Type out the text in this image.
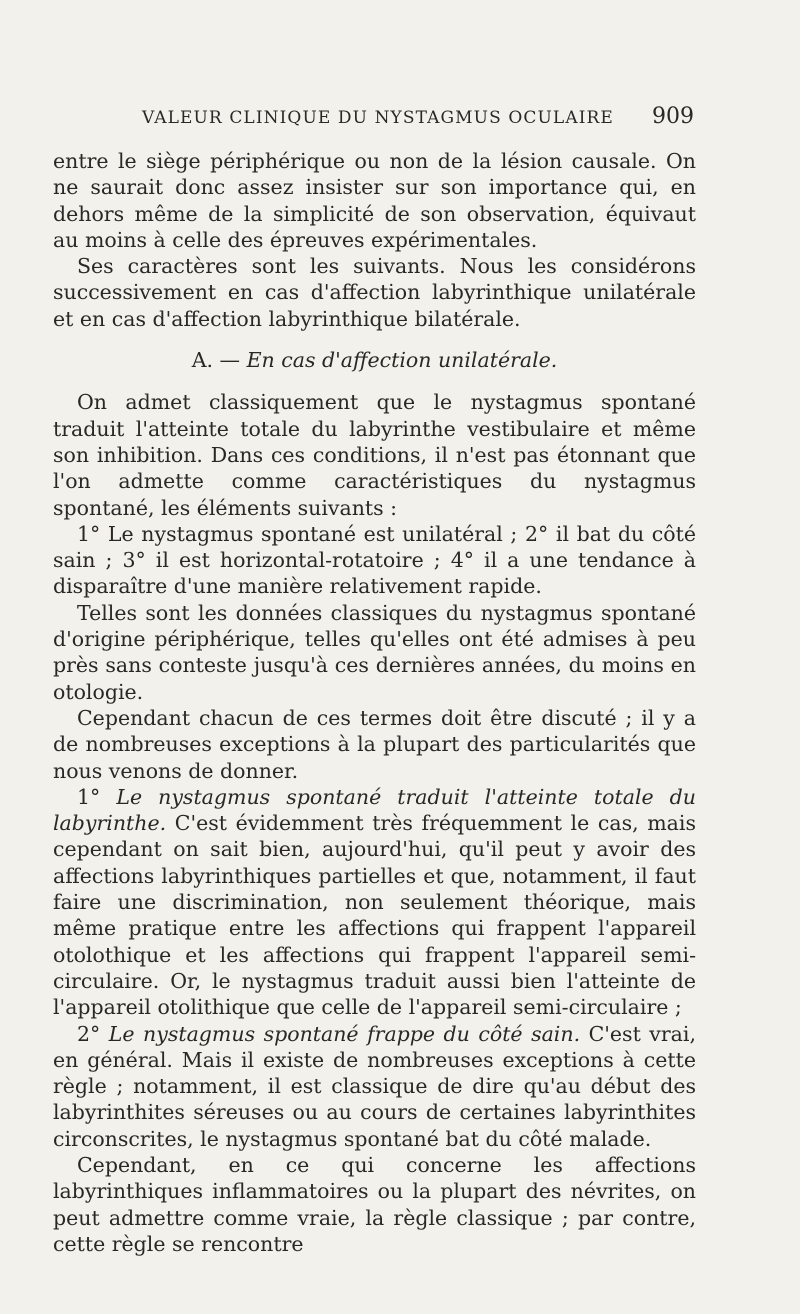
VALEUR CLINIQUE DU NYSTAGMUS OCULAIRE 909

entre le siège périphérique ou non de la lésion causale. On ne saurait donc assez insister sur son importance qui, en dehors même de la simplicité de son observation, équivaut au moins à celle des épreuves expérimentales.

Ses caractères sont les suivants. Nous les considérons successivement en cas d'affection labyrinthique unilatérale et en cas d'affection labyrinthique bilatérale.

A. — En cas d'affection unilatérale.

On admet classiquement que le nystagmus spontané traduit l'atteinte totale du labyrinthe vestibulaire et même son inhibition. Dans ces conditions, il n'est pas étonnant que l'on admette comme caractéristiques du nystagmus spontané, les éléments suivants :

1° Le nystagmus spontané est unilatéral ; 2° il bat du côté sain ; 3° il est horizontal-rotatoire ; 4° il a une tendance à disparaître d'une manière relativement rapide.

Telles sont les données classiques du nystagmus spontané d'origine périphérique, telles qu'elles ont été admises à peu près sans conteste jusqu'à ces dernières années, du moins en otologie.

Cependant chacun de ces termes doit être discuté ; il y a de nombreuses exceptions à la plupart des particularités que nous venons de donner.

1° Le nystagmus spontané traduit l'atteinte totale du labyrinthe. C'est évidemment très fréquemment le cas, mais cependant on sait bien, aujourd'hui, qu'il peut y avoir des affections labyrinthiques partielles et que, notamment, il faut faire une discrimination, non seulement théorique, mais même pratique entre les affections qui frappent l'appareil otolothique et les affections qui frappent l'appareil semi-circulaire. Or, le nystagmus traduit aussi bien l'atteinte de l'appareil otolithique que celle de l'appareil semi-circulaire ;

2° Le nystagmus spontané frappe du côté sain. C'est vrai, en général. Mais il existe de nombreuses exceptions à cette règle ; notamment, il est classique de dire qu'au début des labyrinthites séreuses ou au cours de certaines labyrinthites circonscrites, le nystagmus spontané bat du côté malade.

Cependant, en ce qui concerne les affections labyrinthiques inflammatoires ou la plupart des névrites, on peut admettre comme vraie, la règle classique ; par contre, cette règle se rencontre
